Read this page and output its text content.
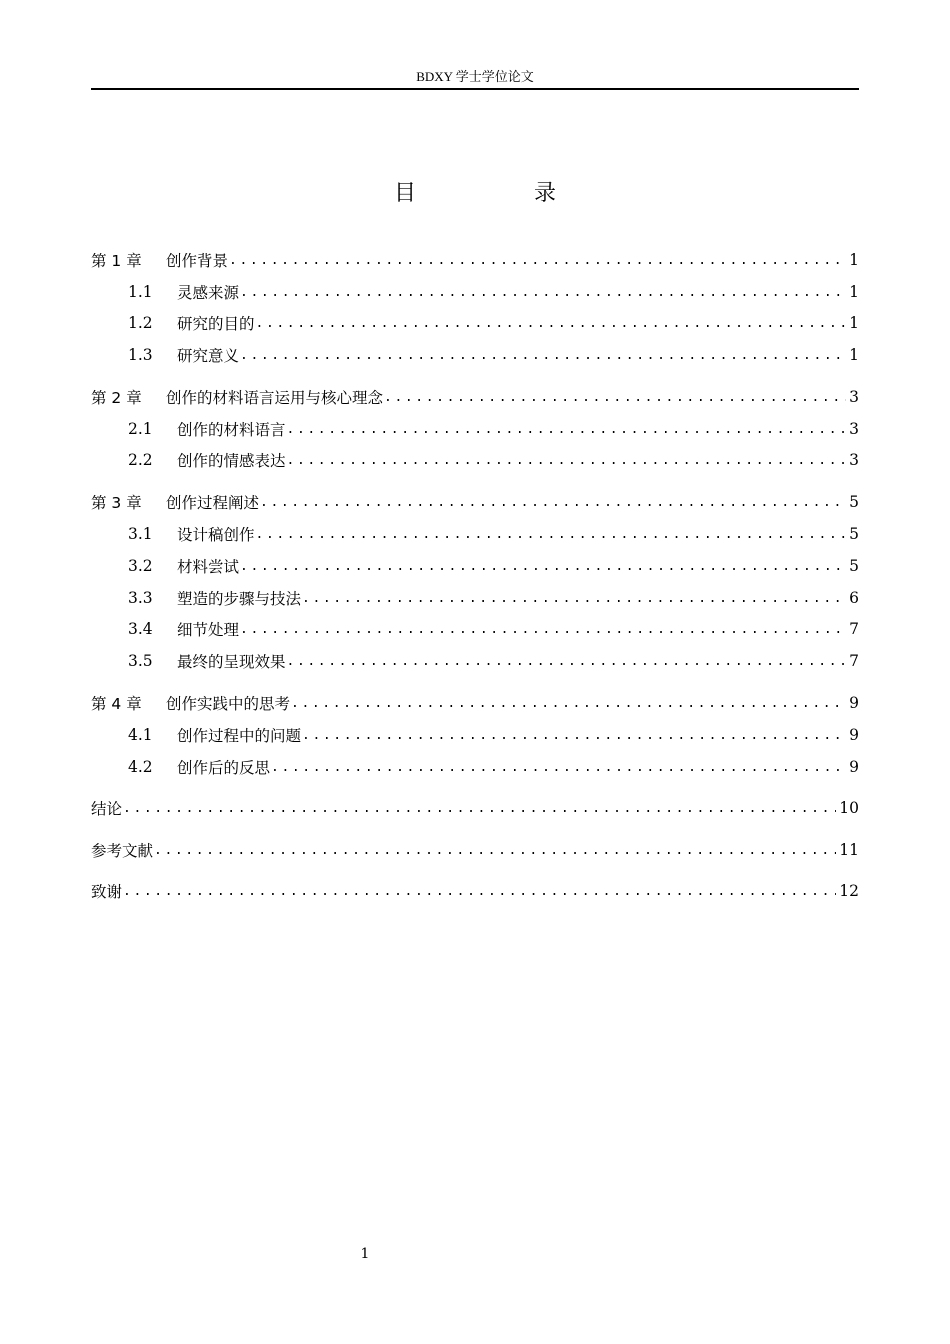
BDXY 学士学位论文
目　录
第 1 章	创作背景 .....	1
1.1	灵感来源 .....	1
1.2	研究的目的 .....	1
1.3	研究意义 .....	1
第 2 章	创作的材料语言运用与核心理念 .....	3
2.1	创作的材料语言 .....	3
2.2	创作的情感表达 .....	3
第 3 章	创作过程阐述 .....	5
3.1	设计稿创作 .....	5
3.2	材料尝试 .....	5
3.3	塑造的步骤与技法 .....	6
3.4	细节处理 .....	7
3.5	最终的呈现效果 .....	7
第 4 章	创作实践中的思考 .....	9
4.1	创作过程中的问题 .....	9
4.2	创作后的反思 .....	9
结论 .....	10
参考文献 .....	11
致谢 .....	12
1
